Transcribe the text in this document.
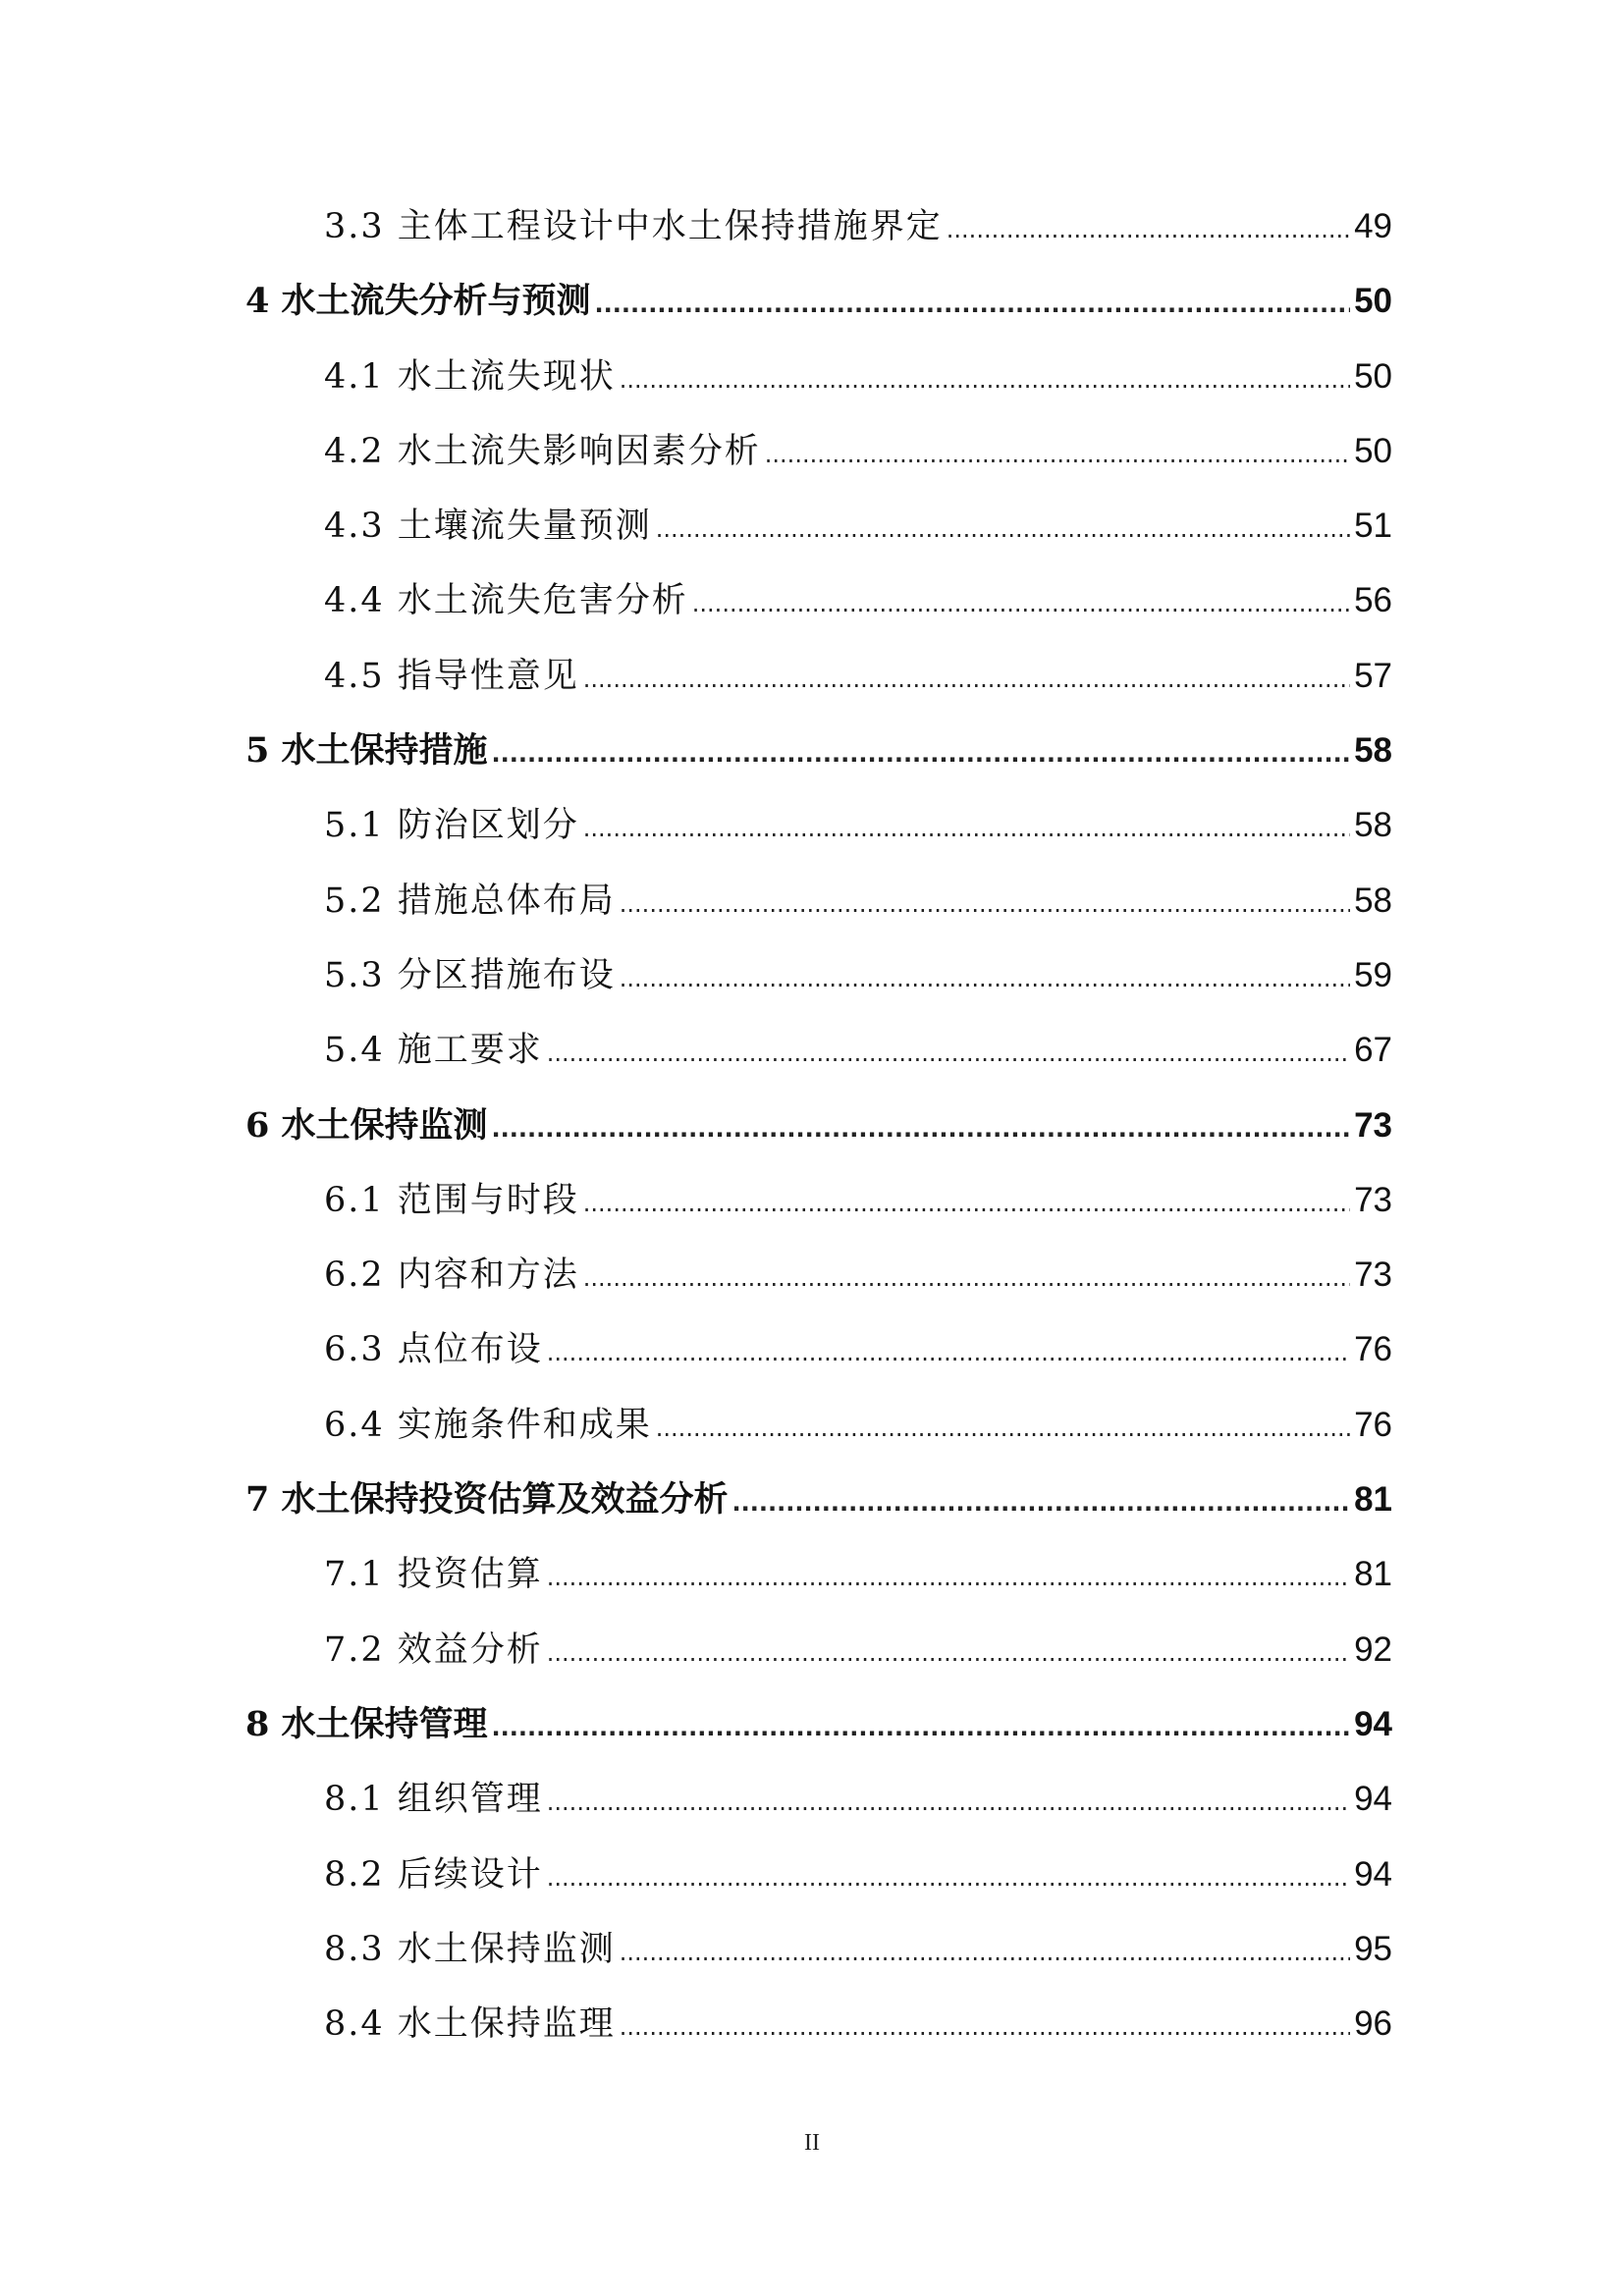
3.3 主体工程设计中水土保持措施界定 .....	49
4 水土流失分析与预测 .....	50
4.1 水土流失现状 .....	50
4.2 水土流失影响因素分析 .....	50
4.3 土壤流失量预测 .....	51
4.4 水土流失危害分析 .....	56
4.5 指导性意见 .....	57
5 水土保持措施 .....	58
5.1 防治区划分 .....	58
5.2 措施总体布局 .....	58
5.3 分区措施布设 .....	59
5.4 施工要求 .....	67
6 水土保持监测 .....	73
6.1 范围与时段 .....	73
6.2 内容和方法 .....	73
6.3 点位布设 .....	76
6.4 实施条件和成果 .....	76
7 水土保持投资估算及效益分析 .....	81
7.1 投资估算 .....	81
7.2 效益分析 .....	92
8 水土保持管理 .....	94
8.1 组织管理 .....	94
8.2 后续设计 .....	94
8.3 水土保持监测 .....	95
8.4 水土保持监理 .....	96
II
